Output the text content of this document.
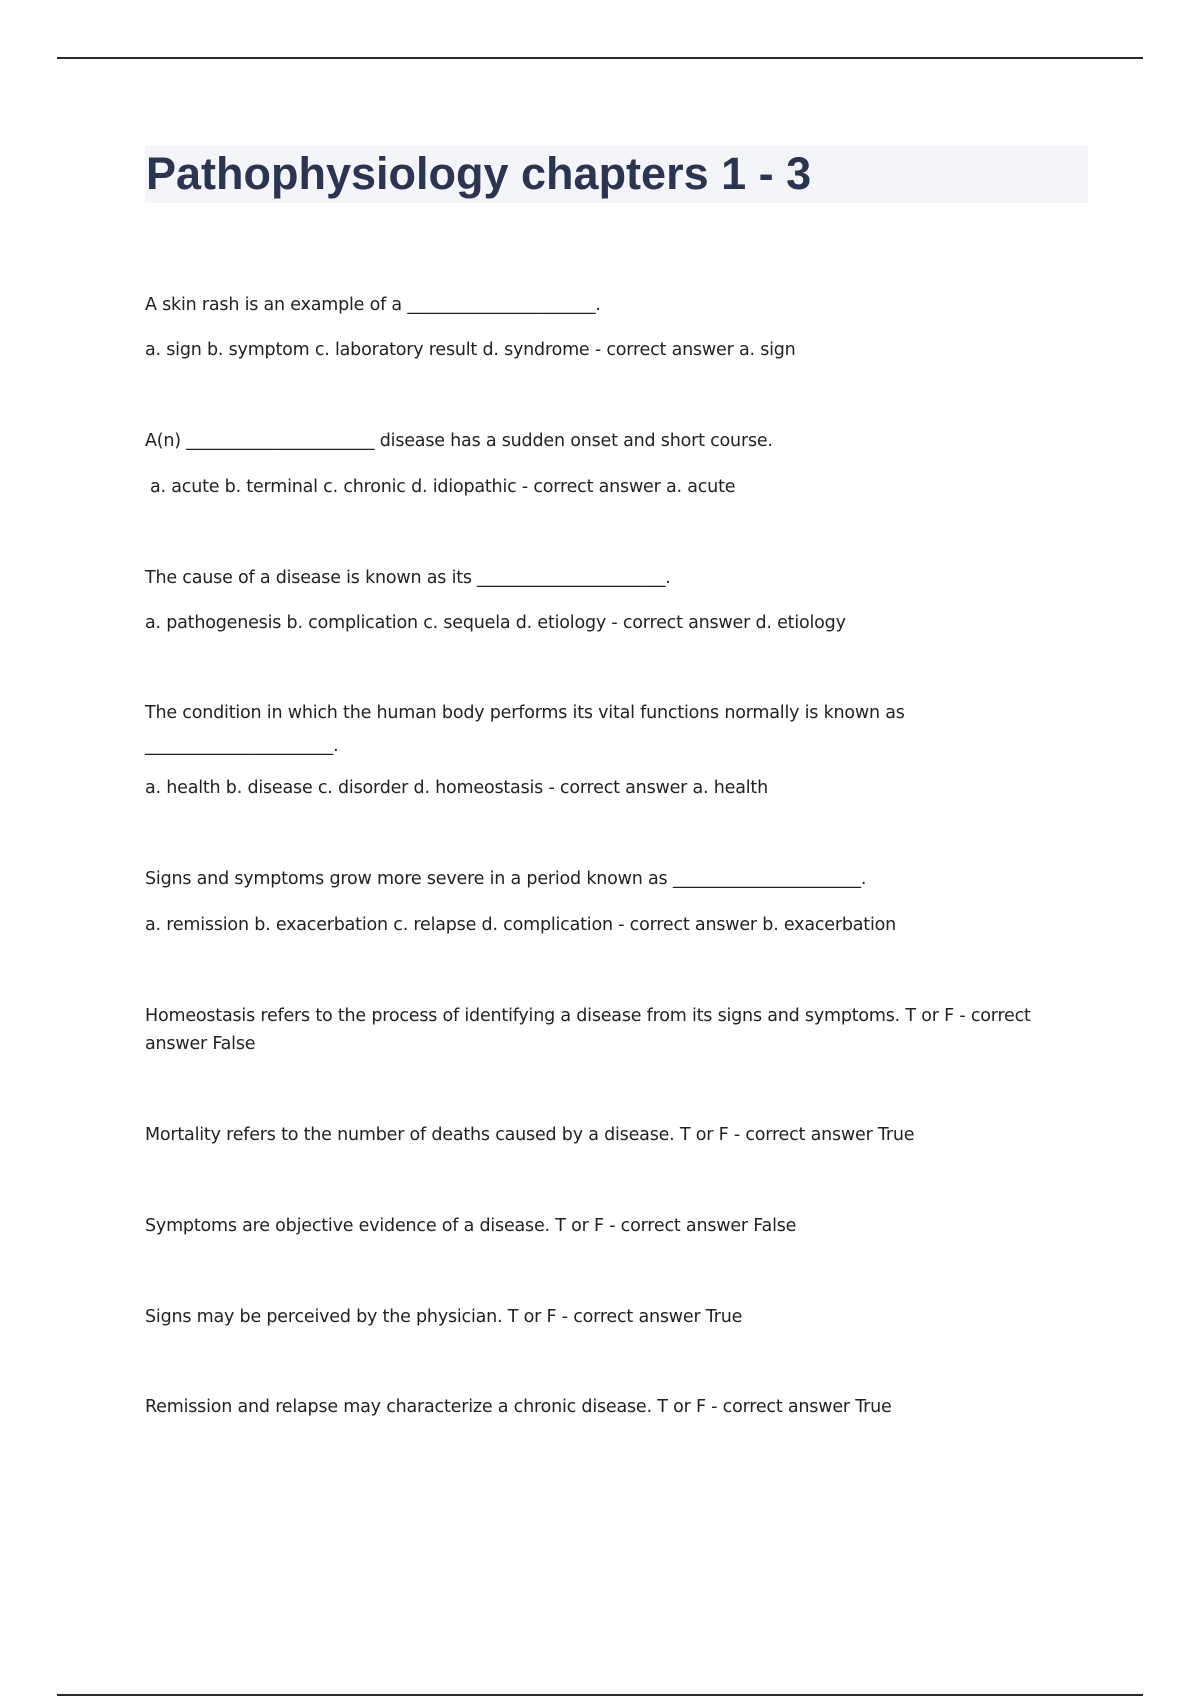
Pathophysiology chapters 1 - 3

A skin rash is an example of a ______________________.

a. sign b. symptom c. laboratory result d. syndrome - correct answer a. sign

A(n) ______________________ disease has a sudden onset and short course.

a. acute b. terminal c. chronic d. idiopathic - correct answer a. acute

The cause of a disease is known as its ______________________.

a. pathogenesis b. complication c. sequela d. etiology - correct answer d. etiology

The condition in which the human body performs its vital functions normally is known as

______________________.

a. health b. disease c. disorder d. homeostasis - correct answer a. health

Signs and symptoms grow more severe in a period known as ______________________.

a. remission b. exacerbation c. relapse d. complication - correct answer b. exacerbation

Homeostasis refers to the process of identifying a disease from its signs and symptoms. T or F - correct answer False

Mortality refers to the number of deaths caused by a disease. T or F - correct answer True

Symptoms are objective evidence of a disease. T or F - correct answer False

Signs may be perceived by the physician. T or F - correct answer True

Remission and relapse may characterize a chronic disease. T or F - correct answer True
